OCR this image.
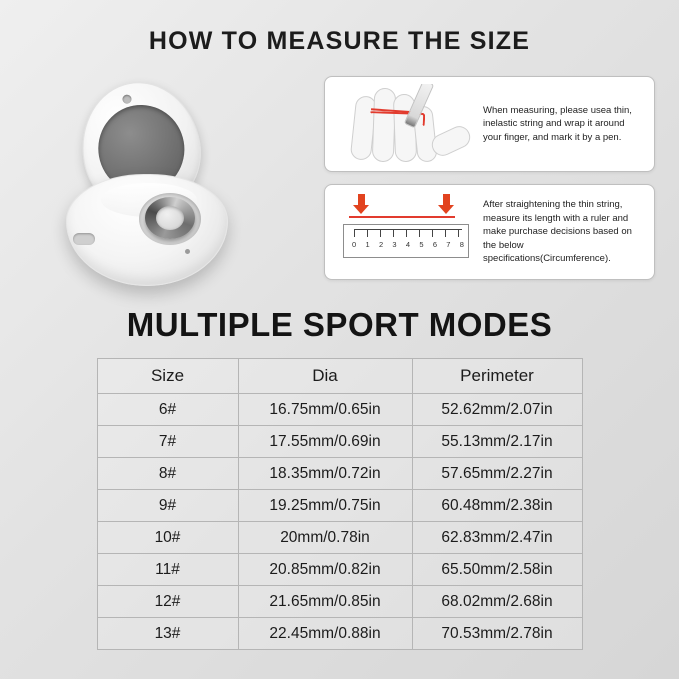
HOW TO MEASURE THE SIZE
When measuring, please usea thin, inelastic string and wrap it around your finger, and mark it by a pen.
0 1 2 3 4 5 6 7 8
After straightening the thin string, measure its length with a ruler and make purchase decisions based on the below specifications(Circumference).
MULTIPLE SPORT MODES
Size	Dia	Perimeter
6#	16.75mm/0.65in	52.62mm/2.07in
7#	17.55mm/0.69in	55.13mm/2.17in
8#	18.35mm/0.72in	57.65mm/2.27in
9#	19.25mm/0.75in	60.48mm/2.38in
10#	20mm/0.78in	62.83mm/2.47in
11#	20.85mm/0.82in	65.50mm/2.58in
12#	21.65mm/0.85in	68.02mm/2.68in
13#	22.45mm/0.88in	70.53mm/2.78in
